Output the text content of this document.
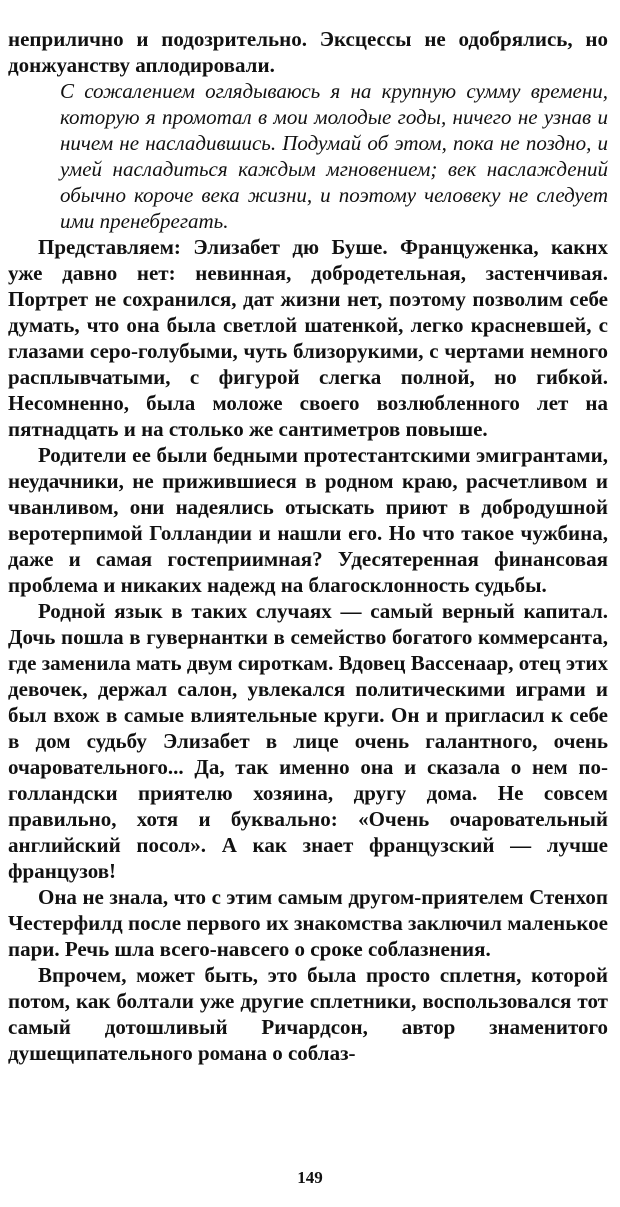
неприлично и подозрительно. Эксцессы не одобрялись, но донжуанству аплодировали.

С сожалением оглядываюсь я на крупную сумму времени, которую я промотал в мои молодые годы, ничего не узнав и ничем не насладившись. Подумай об этом, пока не поздно, и умей насладиться каждым мгновением; век наслаждений обычно короче века жизни, и поэтому человеку не следует ими пренебрегать.

Представляем: Элизабет дю Буше. Француженка, какнх уже давно нет: невинная, добродетельная, застенчивая. Портрет не сохранился, дат жизни нет, поэтому позволим себе думать, что она была светлой шатенкой, легко красневшей, с глазами серо-голубыми, чуть близорукими, с чертами немного расплывчатыми, с фигурой слегка полной, но гибкой. Несомненно, была моложе своего возлюбленного лет на пятнадцать и на столько же сантиметров повыше.

Родители ее были бедными протестантскими эмигрантами, неудачники, не прижившиеся в родном краю, расчетливом и чванливом, они надеялись отыскать приют в добродушной веротерпимой Голландии и нашли его. Но что такое чужбина, даже и самая гостеприимная? Удесятеренная финансовая проблема и никаких надежд на благосклонность судьбы.

Родной язык в таких случаях — самый верный капитал. Дочь пошла в гувернантки в семейство богатого коммерсанта, где заменила мать двум сироткам. Вдовец Вассенаар, отец этих девочек, держал салон, увлекался политическими играми и был вхож в самые влиятельные круги. Он и пригласил к себе в дом судьбу Элизабет в лице очень галантного, очень очаровательного... Да, так именно она и сказала о нем по-голландски приятелю хозяина, другу дома. Не совсем правильно, хотя и буквально: «Очень очаровательный английский посол». А как знает французский — лучше французов!

Она не знала, что с этим самым другом-приятелем Стенхоп Честерфилд после первого их знакомства заключил маленькое пари. Речь шла всего-навсего о сроке соблазнения.

Впрочем, может быть, это была просто сплетня, которой потом, как болтали уже другие сплетники, воспользовался тот самый дотошливый Ричардсон, автор знаменитого душещипательного романа о соблаз-

149
